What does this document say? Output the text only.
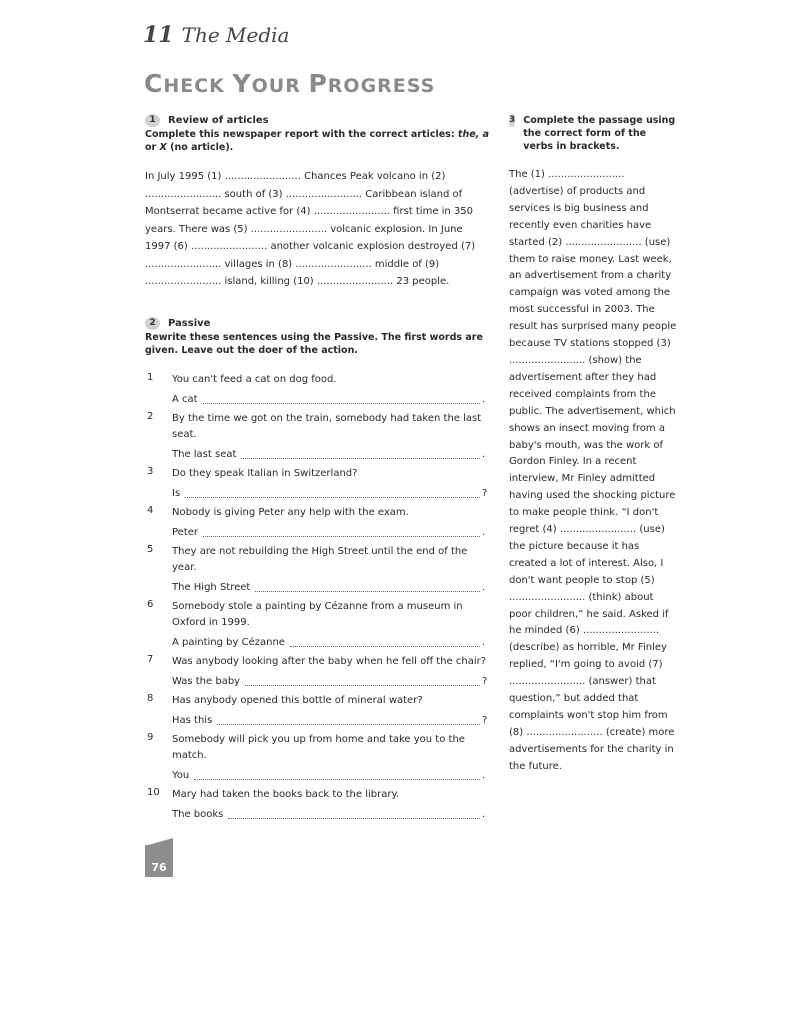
11 The Media
CHECK YOUR PROGRESS
1	Review of articles
Complete this newspaper report with the correct articles: the, a or X (no article).
In July 1995 (1) ........................ Chances Peak volcano in (2) ........................ south of (3) ........................ Caribbean island of Montserrat became active for (4) ........................ first time in 350 years. There was (5) ........................ volcanic explosion. In June 1997 (6) ........................ another volcanic explosion destroyed (7) ........................ villages in (8) ........................ middle of (9) ........................ island, killing (10) ........................ 23 people.
2	Passive
Rewrite these sentences using the Passive. The first words are given. Leave out the doer of the action.
1	You can't feed a cat on dog food.
A cat	.
2	By the time we got on the train, somebody had taken the last seat.
The last seat	.
3	Do they speak Italian in Switzerland?
Is	?
4	Nobody is giving Peter any help with the exam.
Peter	.
5	They are not rebuilding the High Street until the end of the year.
The High Street	.
6	Somebody stole a painting by Cézanne from a museum in Oxford in 1999.
A painting by Cézanne	.
7	Was anybody looking after the baby when he fell off the chair?
Was the baby	?
8	Has anybody opened this bottle of mineral water?
Has this	?
9	Somebody will pick you up from home and take you to the match.
You	.
10	Mary had taken the books back to the library.
The books	.
3 Complete the passage using the correct form of the verbs in brackets.
The (1) ........................ (advertise) of products and services is big business and recently even charities have started (2) ........................ (use) them to raise money. Last week, an advertisement from a charity campaign was voted among the most successful in 2003. The result has surprised many people because TV stations stopped (3) ........................ (show) the advertisement after they had received complaints from the public. The advertisement, which shows an insect moving from a baby's mouth, was the work of Gordon Finley. In a recent interview, Mr Finley admitted having used the shocking picture to make people think. “I don't regret (4) ........................ (use) the picture because it has created a lot of interest. Also, I don't want people to stop (5) ........................ (think) about poor children,” he said. Asked if he minded (6) ........................ (describe) as horrible, Mr Finley replied, “I'm going to avoid (7) ........................ (answer) that question,” but added that complaints won't stop him from (8) ........................ (create) more advertisements for the charity in the future.
76
